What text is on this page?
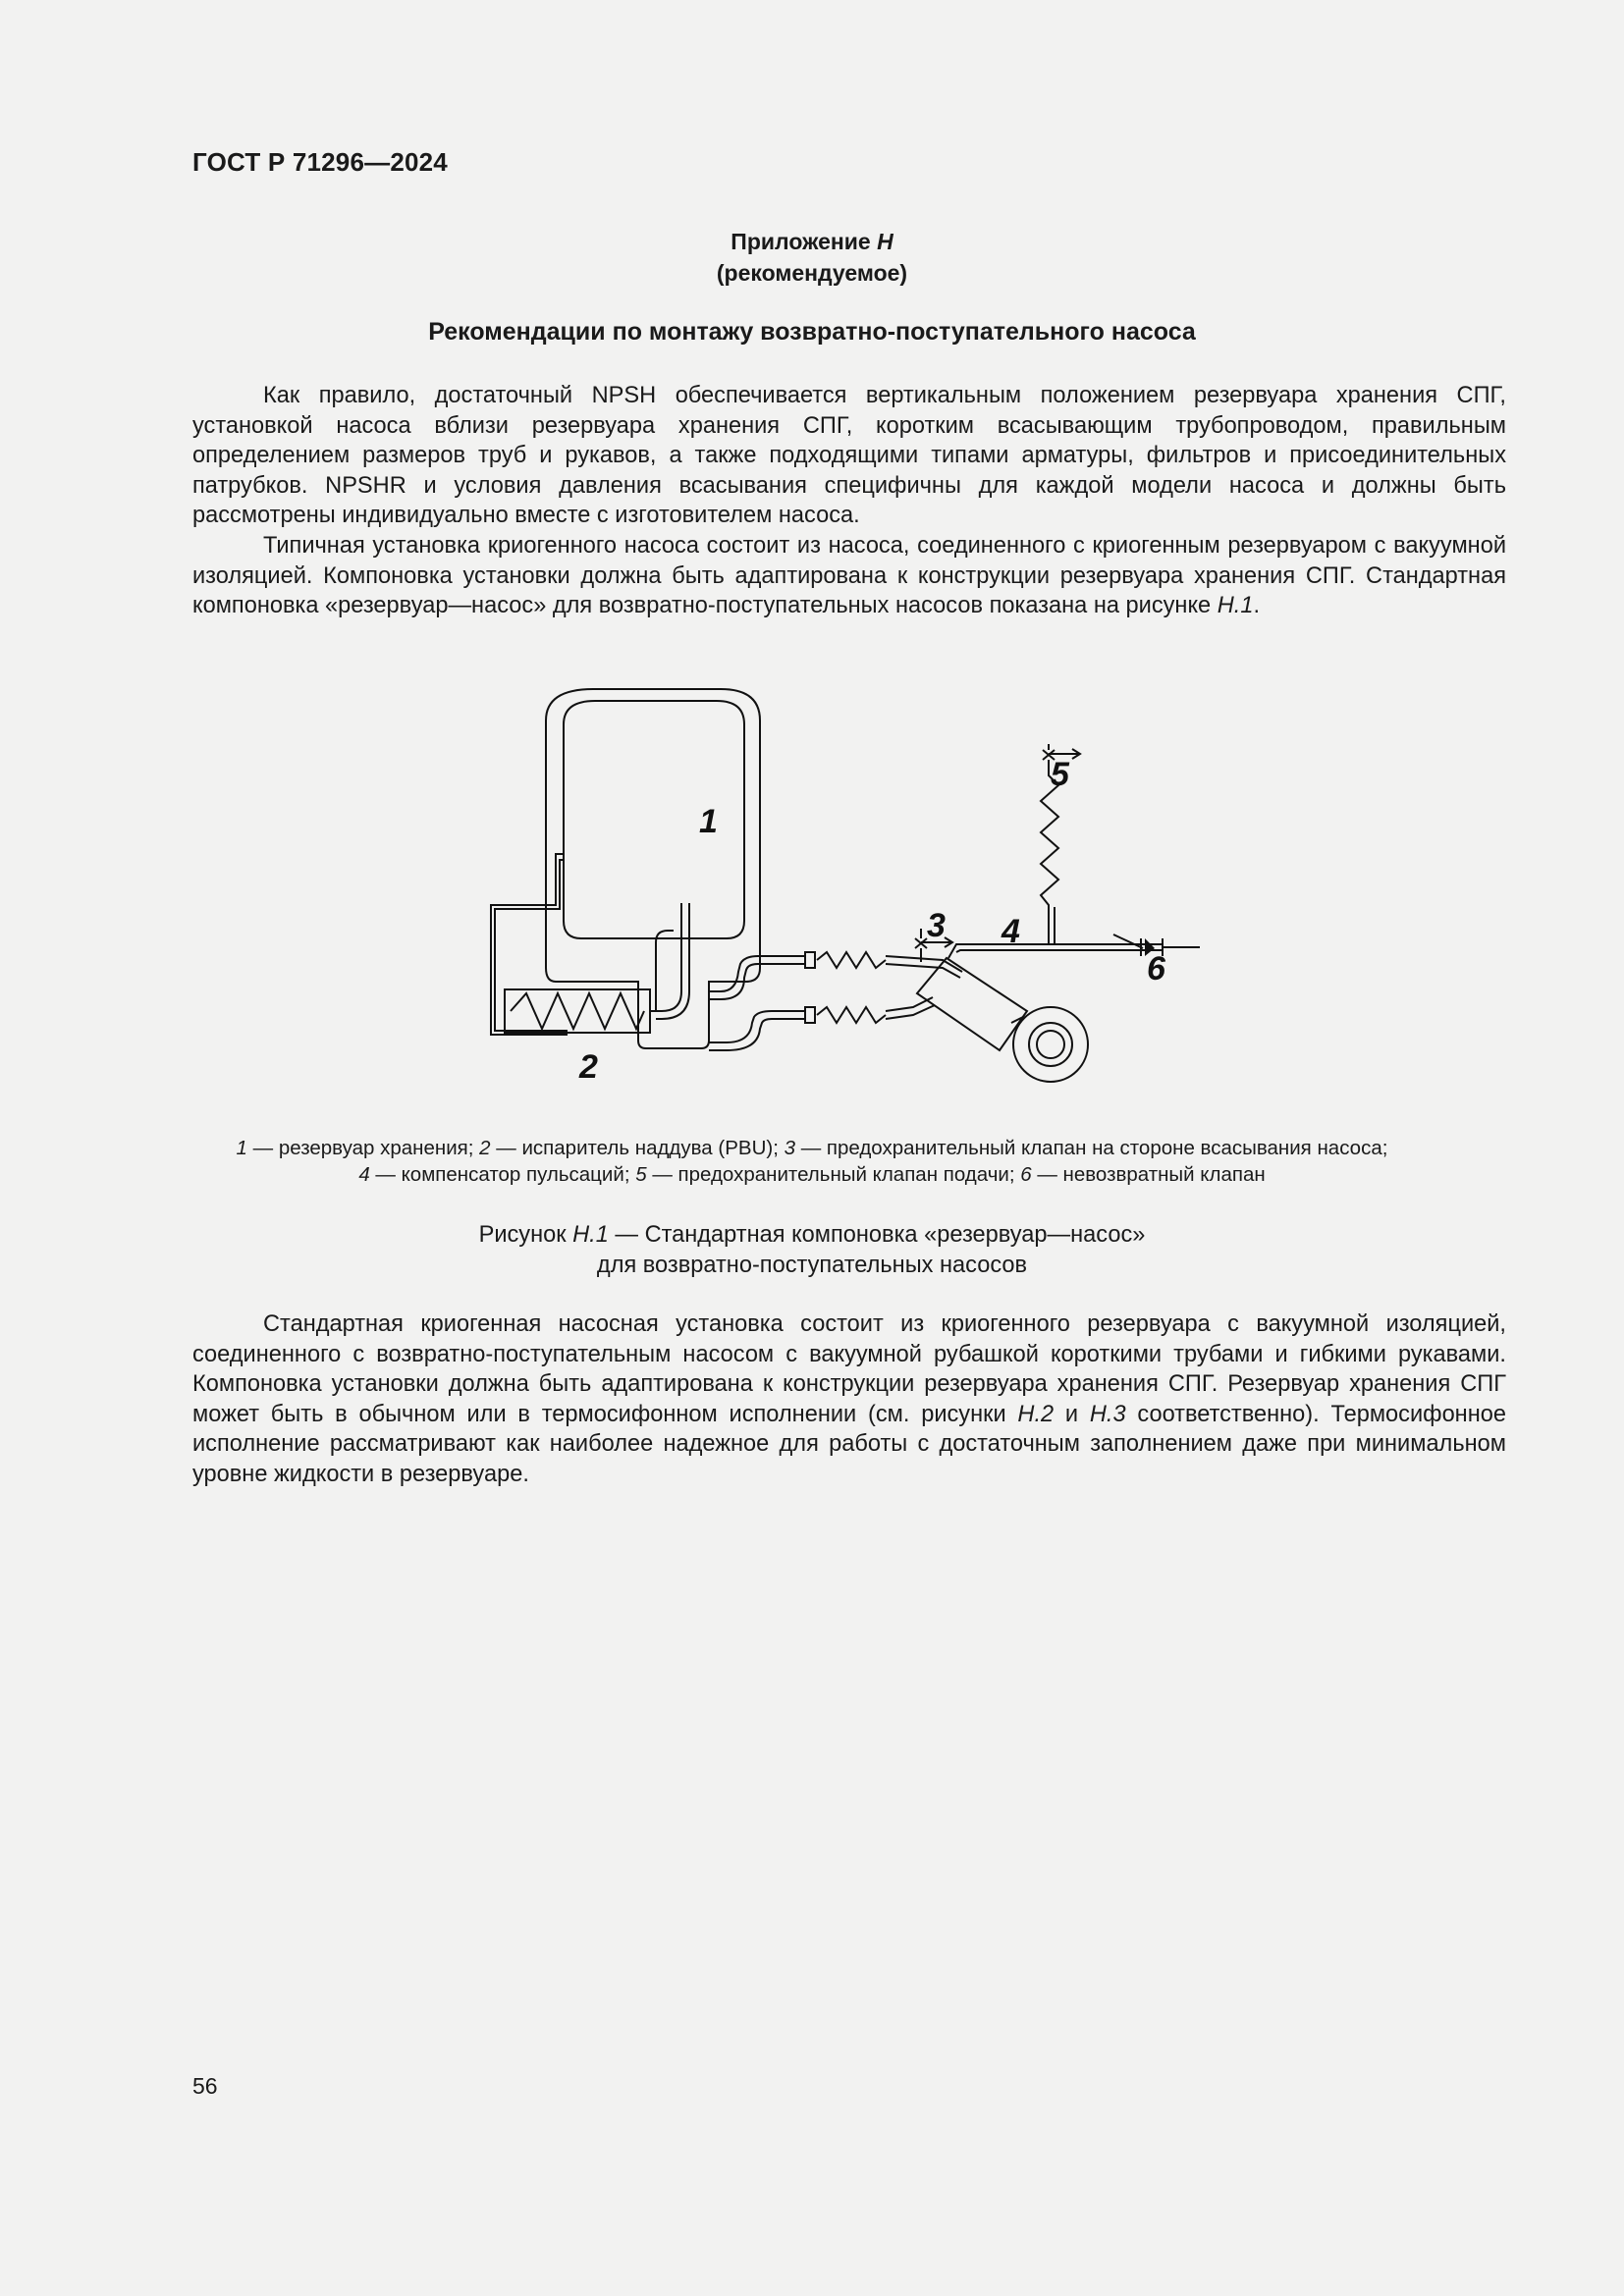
ГОСТ Р 71296—2024
Приложение Н
(рекомендуемое)
Рекомендации по монтажу возвратно-поступательного насоса

Как правило, достаточный NPSH обеспечивается вертикальным положением резервуара хранения СПГ, установкой насоса вблизи резервуара хранения СПГ, коротким всасывающим трубопроводом, правильным определением размеров труб и рукавов, а также подходящими типами арматуры, фильтров и присоединительных патрубков. NPSHR и условия давления всасывания специфичны для каждой модели насоса и должны быть рассмотрены индивидуально вместе с изготовителем насоса.

Типичная установка криогенного насоса состоит из насоса, соединенного с криогенным резервуаром с вакуумной изоляцией. Компоновка установки должна быть адаптирована к конструкции резервуара хранения СПГ. Стандартная компоновка «резервуар—насос» для возвратно-поступательных насосов показана на рисунке Н.1.

1
2
3 4
5
6
1 — резервуар хранения; 2 — испаритель наддува (PBU); 3 — предохранительный клапан на стороне всасывания насоса;
4 — компенсатор пульсаций; 5 — предохранительный клапан подачи; 6 — невозвратный клапан
Рисунок Н.1 — Стандартная компоновка «резервуар—насос»
для возвратно-поступательных насосов

Стандартная криогенная насосная установка состоит из криогенного резервуара с вакуумной изоляцией, соединенного с возвратно-поступательным насосом с вакуумной рубашкой короткими трубами и гибкими рукавами. Компоновка установки должна быть адаптирована к конструкции резервуара хранения СПГ. Резервуар хранения СПГ может быть в обычном или в термосифонном исполнении (см. рисунки Н.2 и Н.3 соответственно). Термосифонное исполнение рассматривают как наиболее надежное для работы с достаточным заполнением даже при минимальном уровне жидкости в резервуаре.

56
